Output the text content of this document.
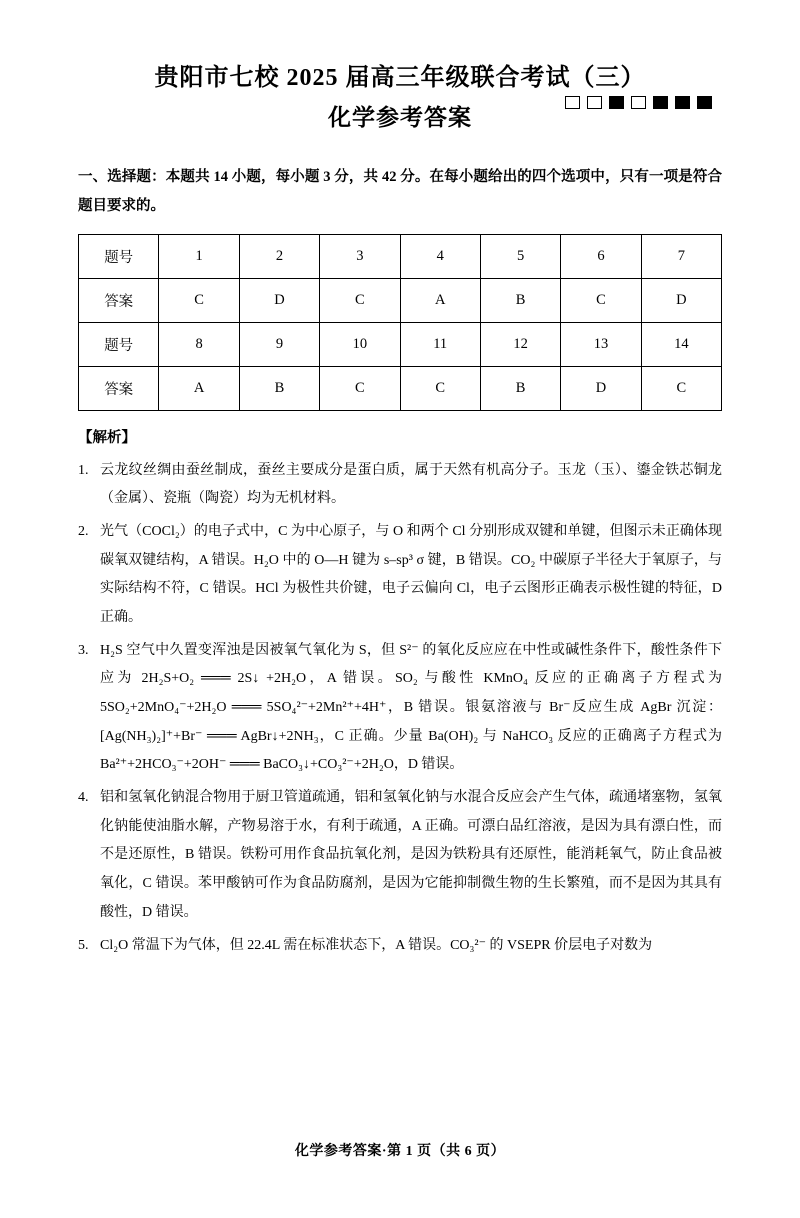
贵阳市七校 2025 届高三年级联合考试（三）
化学参考答案
一、选择题：本题共 14 小题，每小题 3 分，共 42 分。在每小题给出的四个选项中，只有一项是符合题目要求的。
题号	1	2	3	4	5	6	7
答案	C	D	C	A	B	C	D
题号	8	9	10	11	12	13	14
答案	A	B	C	C	B	D	C
【解析】
1. 云龙纹丝绸由蚕丝制成，蚕丝主要成分是蛋白质，属于天然有机高分子。玉龙（玉）、鎏金铁芯铜龙（金属）、瓷瓶（陶瓷）均为无机材料。
2. 光气（COCl₂）的电子式中，C 为中心原子，与 O 和两个 Cl 分别形成双键和单键，但图示未正确体现碳氧双键结构，A 错误。H₂O 中的 O—H 键为 s–sp³ σ 键，B 错误。CO₂ 中碳原子半径大于氧原子，与实际结构不符，C 错误。HCl 为极性共价键，电子云偏向 Cl，电子云图形正确表示极性键的特征，D 正确。
3. H₂S 空气中久置变浑浊是因被氧气氧化为 S，但 S²⁻ 的氧化反应应在中性或碱性条件下，酸性条件下应为 2H₂S+O₂ ═══ 2S↓ +2H₂O，A 错误。SO₂ 与酸性 KMnO₄ 反应的正确离子方程式为 5SO₂+2MnO₄⁻+2H₂O ═══ 5SO₄²⁻+2Mn²⁺+4H⁺，B 错误。银氨溶液与 Br⁻反应生成 AgBr 沉淀：[Ag(NH₃)₂]⁺+Br⁻ ═══ AgBr↓+2NH₃，C 正确。少量 Ba(OH)₂ 与 NaHCO₃ 反应的正确离子方程式为 Ba²⁺+2HCO₃⁻+2OH⁻ ═══ BaCO₃↓+CO₃²⁻+2H₂O，D 错误。
4. 铝和氢氧化钠混合物用于厨卫管道疏通，铝和氢氧化钠与水混合反应会产生气体，疏通堵塞物，氢氧化钠能使油脂水解，产物易溶于水，有利于疏通，A 正确。可漂白品红溶液，是因为具有漂白性，而不是还原性，B 错误。铁粉可用作食品抗氧化剂，是因为铁粉具有还原性，能消耗氧气，防止食品被氧化，C 错误。苯甲酸钠可作为食品防腐剂，是因为它能抑制微生物的生长繁殖，而不是因为其具有酸性，D 错误。
5. Cl₂O 常温下为气体，但 22.4L 需在标准状态下，A 错误。CO₃²⁻ 的 VSEPR 价层电子对数为
化学参考答案·第 1 页（共 6 页）
